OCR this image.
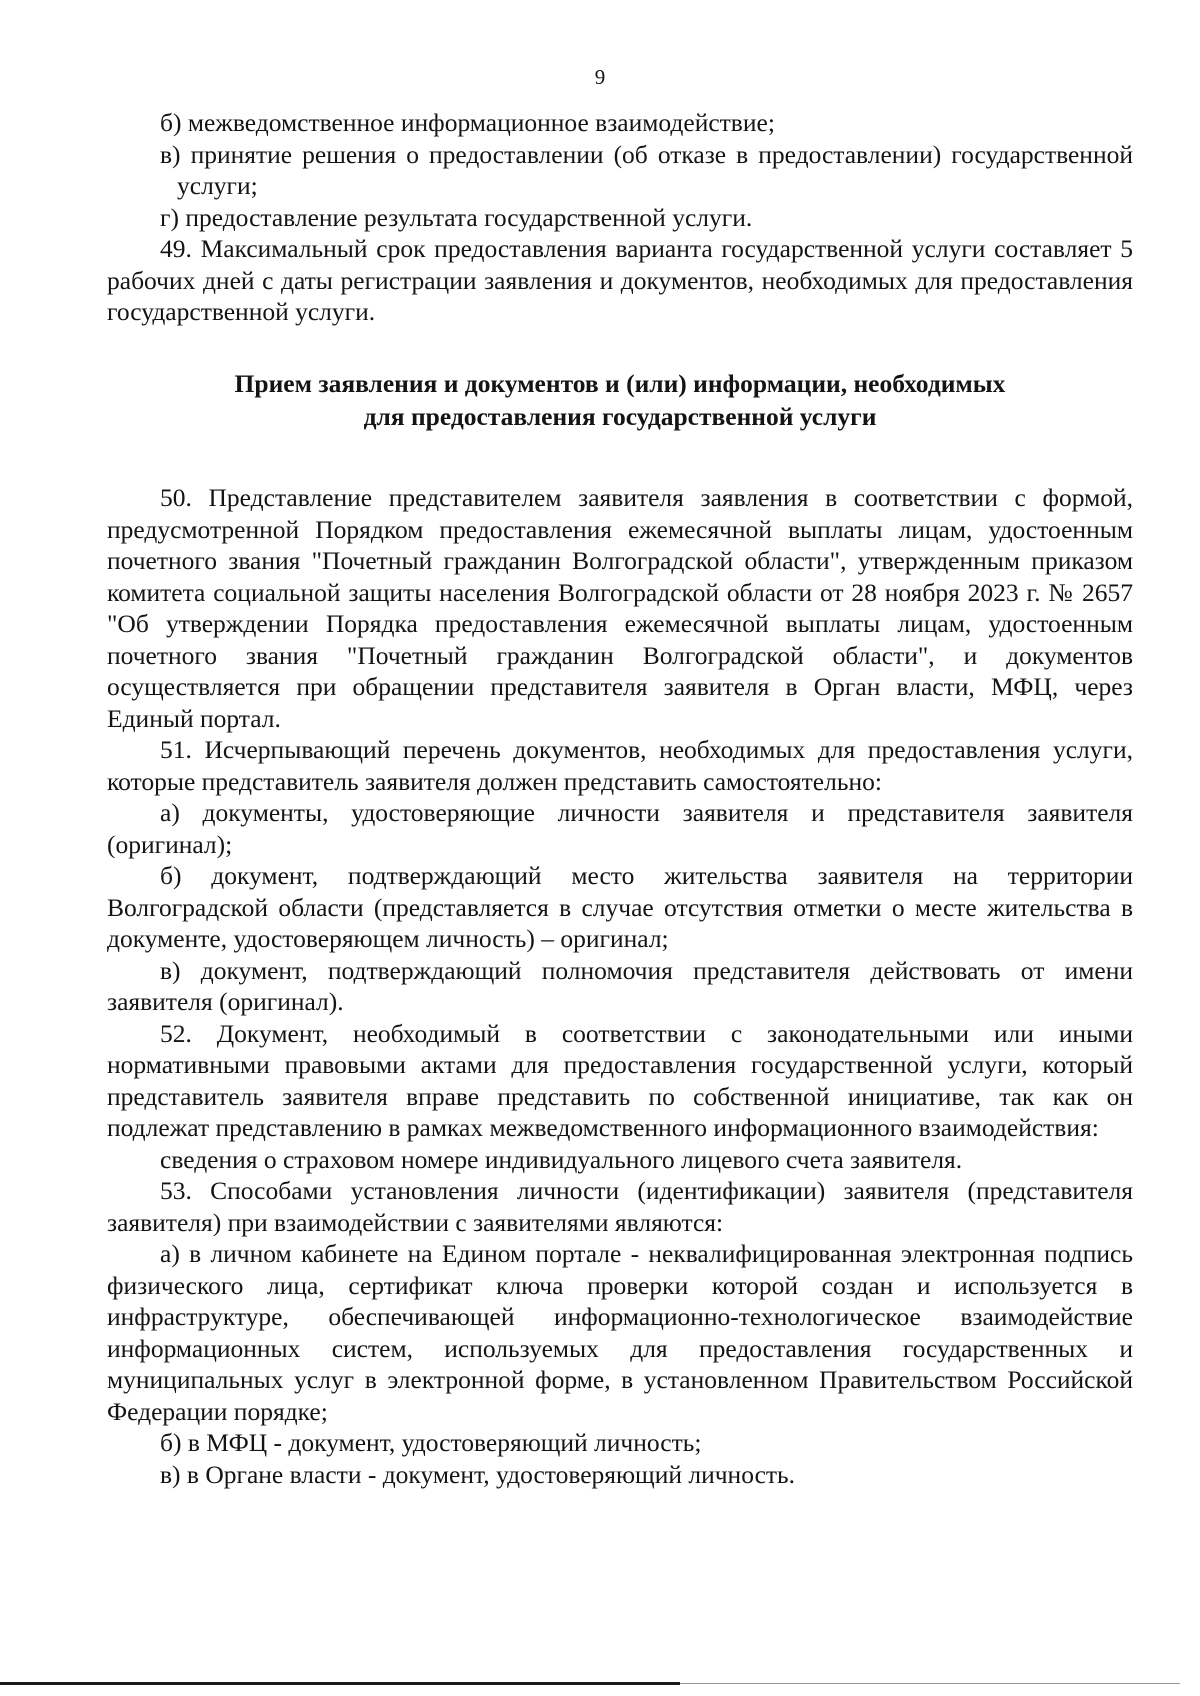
9

б) межведомственное информационное взаимодействие;

в) принятие решения о предоставлении (об отказе в предоставлении) государственной услуги;

г) предоставление результата государственной услуги.

49. Максимальный срок предоставления варианта государственной услуги составляет 5 рабочих дней с даты регистрации заявления и документов, необходимых для предоставления государственной услуги.

Прием заявления и документов и (или) информации, необходимых
для предоставления государственной услуги

50. Представление представителем заявителя заявления в соответствии с формой, предусмотренной Порядком предоставления ежемесячной выплаты лицам, удостоенным почетного звания "Почетный гражданин Волгоградской области", утвержденным приказом комитета социальной защиты населения Волгоградской области от 28 ноября 2023 г. № 2657 "Об утверждении Порядка предоставления ежемесячной выплаты лицам, удостоенным почетного звания "Почетный гражданин Волгоградской области", и документов осуществляется при обращении представителя заявителя в Орган власти, МФЦ, через Единый портал.

51. Исчерпывающий перечень документов, необходимых для предоставления услуги, которые представитель заявителя должен представить самостоятельно:

а) документы, удостоверяющие личности заявителя и представителя заявителя (оригинал);

б) документ, подтверждающий место жительства заявителя на территории Волгоградской области (представляется в случае отсутствия отметки о месте жительства в документе, удостоверяющем личность) – оригинал;

в) документ, подтверждающий полномочия представителя действовать от имени заявителя (оригинал).

52. Документ, необходимый в соответствии с законодательными или иными нормативными правовыми актами для предоставления государственной услуги, который представитель заявителя вправе представить по собственной инициативе, так как он подлежат представлению в рамках межведомственного информационного взаимодействия:

сведения о страховом номере индивидуального лицевого счета заявителя.

53. Способами установления личности (идентификации) заявителя (представителя заявителя) при взаимодействии с заявителями являются:

а) в личном кабинете на Едином портале - неквалифицированная электронная подпись физического лица, сертификат ключа проверки которой создан и используется в инфраструктуре, обеспечивающей информационно-технологическое взаимодействие информационных систем, используемых для предоставления государственных и муниципальных услуг в электронной форме, в установленном Правительством Российской Федерации порядке;

б) в МФЦ - документ, удостоверяющий личность;

в) в Органе власти - документ, удостоверяющий личность.
